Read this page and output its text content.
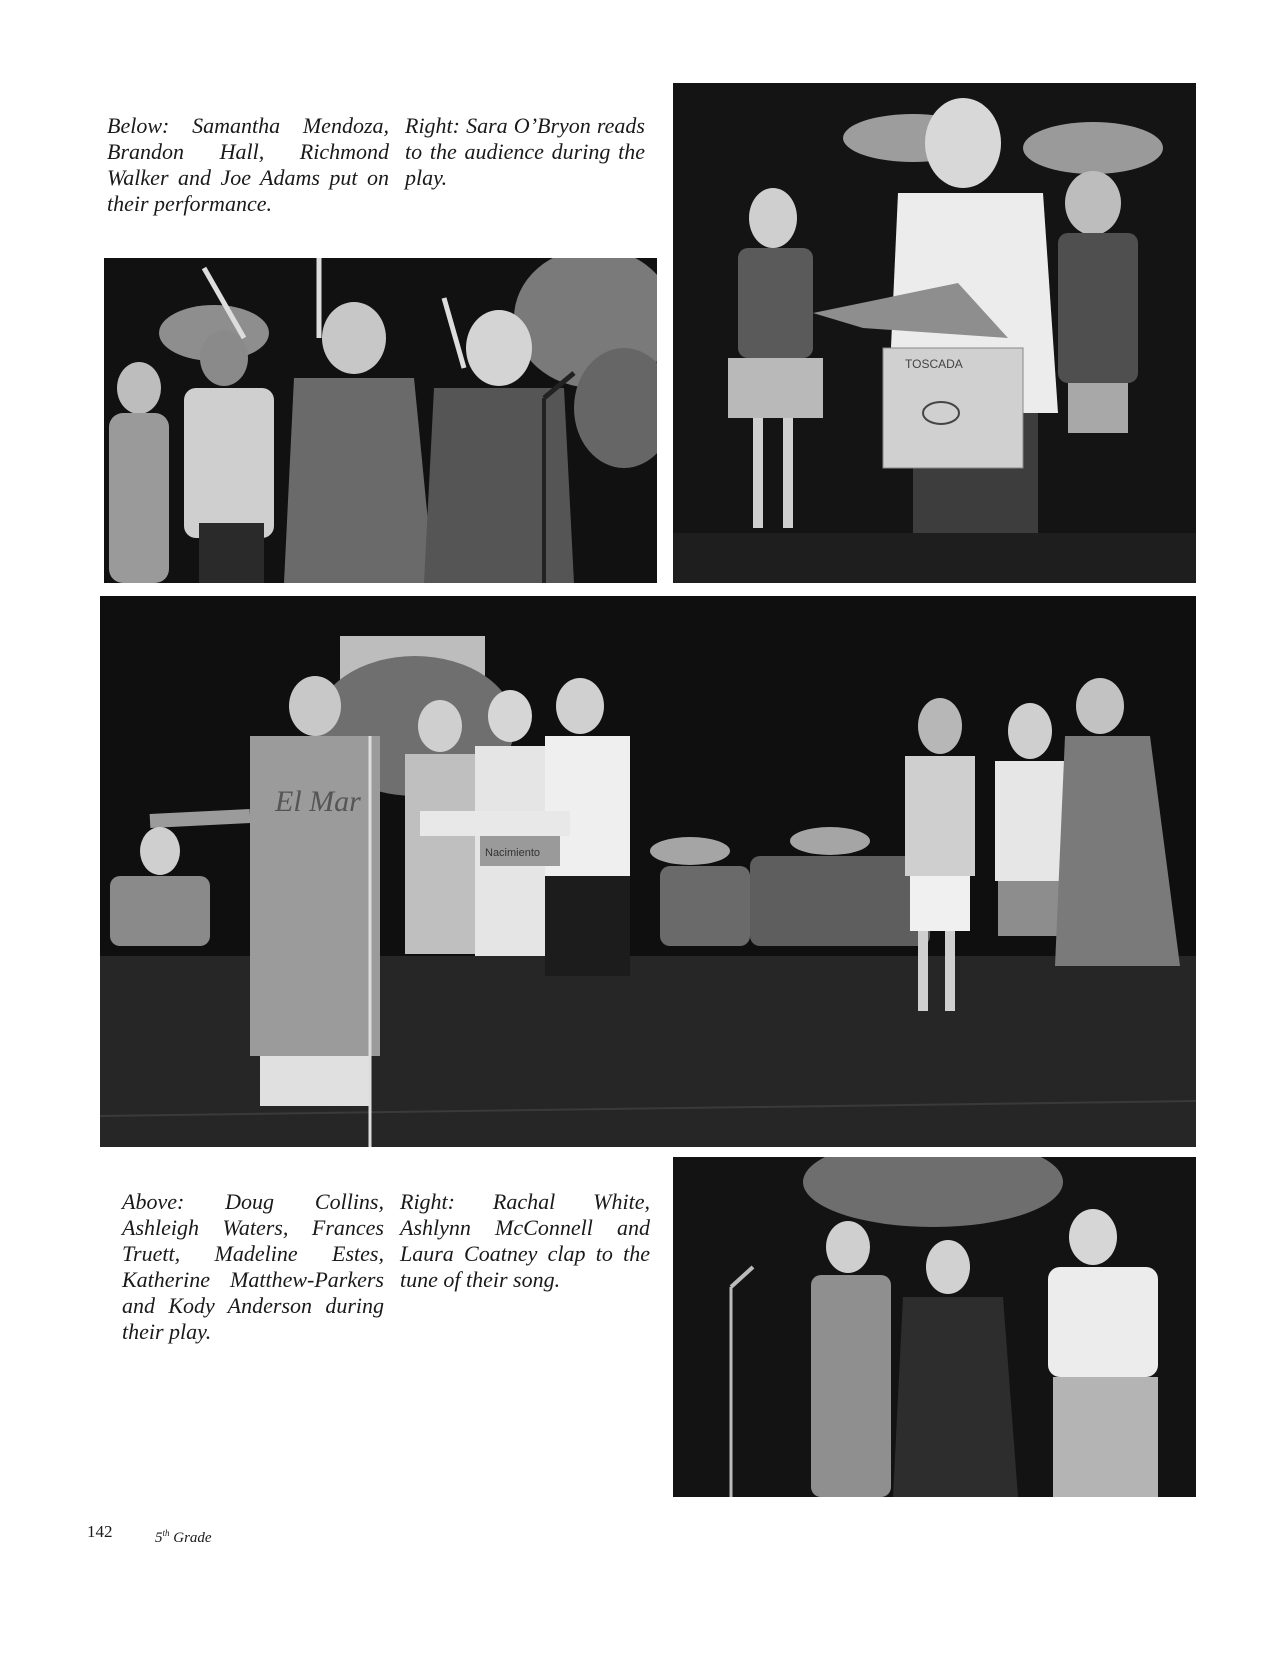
Below: Samantha Mendoza, Brandon Hall, Richmond Walker and Joe Adams put on their performance.

Right: Sara O’Bryon reads to the audience during the play.

TOSCADA
El Mar
Nacimiento

Above: Doug Collins, Ashleigh Waters, Frances Truett, Madeline Estes, Katherine Matthew-Parkers and Kody Anderson during their play.

Right: Rachal White, Ashlynn McConnell and Laura Coatney clap to the tune of their song.

142	5th Grade
